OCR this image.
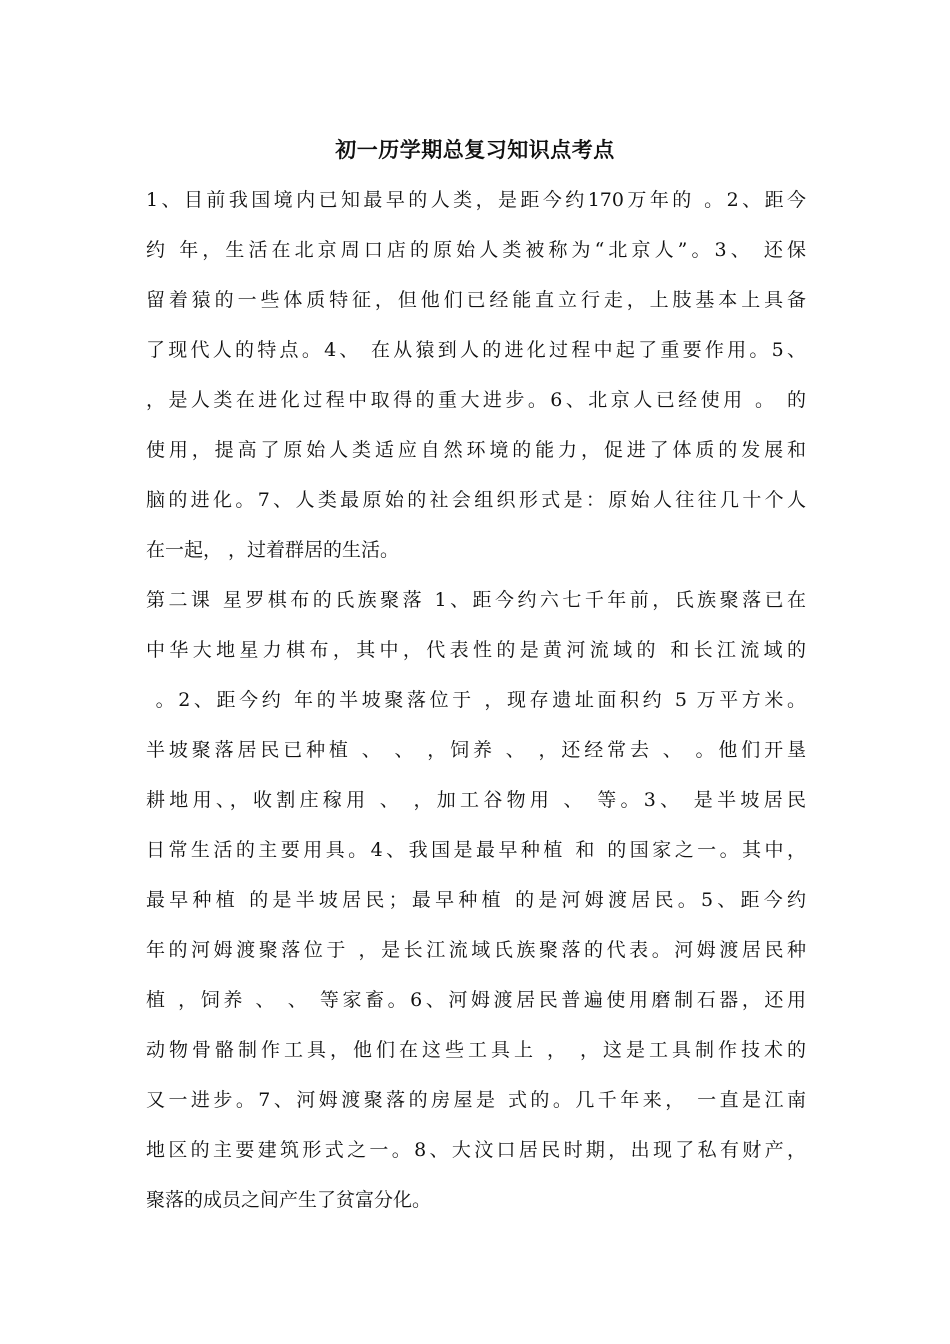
初一历学期总复习知识点考点
1、目前我国境内已知最早的人类，是距今约170万年的 。2、距今
约 年，生活在北京周口店的原始人类被称为“北京人”。3、 还保
留着猿的一些体质特征，但他们已经能直立行走，上肢基本上具备
了现代人的特点。4、 在从猿到人的进化过程中起了重要作用。5、
，是人类在进化过程中取得的重大进步。6、北京人已经使用 。 的
使用，提高了原始人类适应自然环境的能力，促进了体质的发展和
脑的进化。7、人类最原始的社会组织形式是：原始人往往几十个人
在一起， ，过着群居的生活。
第二课 星罗棋布的氏族聚落 1、距今约六七千年前，氏族聚落已在
中华大地星力棋布，其中，代表性的是黄河流域的 和长江流域的
。2、距今约 年的半坡聚落位于 ，现存遗址面积约 5 万平方米。
半坡聚落居民已种植 、 、 ，饲养 、 ，还经常去 、 。他们开垦
耕地用、，收割庄稼用 、 ，加工谷物用 、 等。3、 是半坡居民
日常生活的主要用具。4、我国是最早种植 和 的国家之一。其中，
最早种植 的是半坡居民；最早种植 的是河姆渡居民。5、距今约
年的河姆渡聚落位于 ，是长江流域氏族聚落的代表。河姆渡居民种
植 ，饲养 、 、 等家畜。6、河姆渡居民普遍使用磨制石器，还用
动物骨骼制作工具，他们在这些工具上 ， ，这是工具制作技术的
又一进步。7、河姆渡聚落的房屋是 式的。几千年来， 一直是江南
地区的主要建筑形式之一。8、大汶口居民时期，出现了私有财产，
聚落的成员之间产生了贫富分化。
